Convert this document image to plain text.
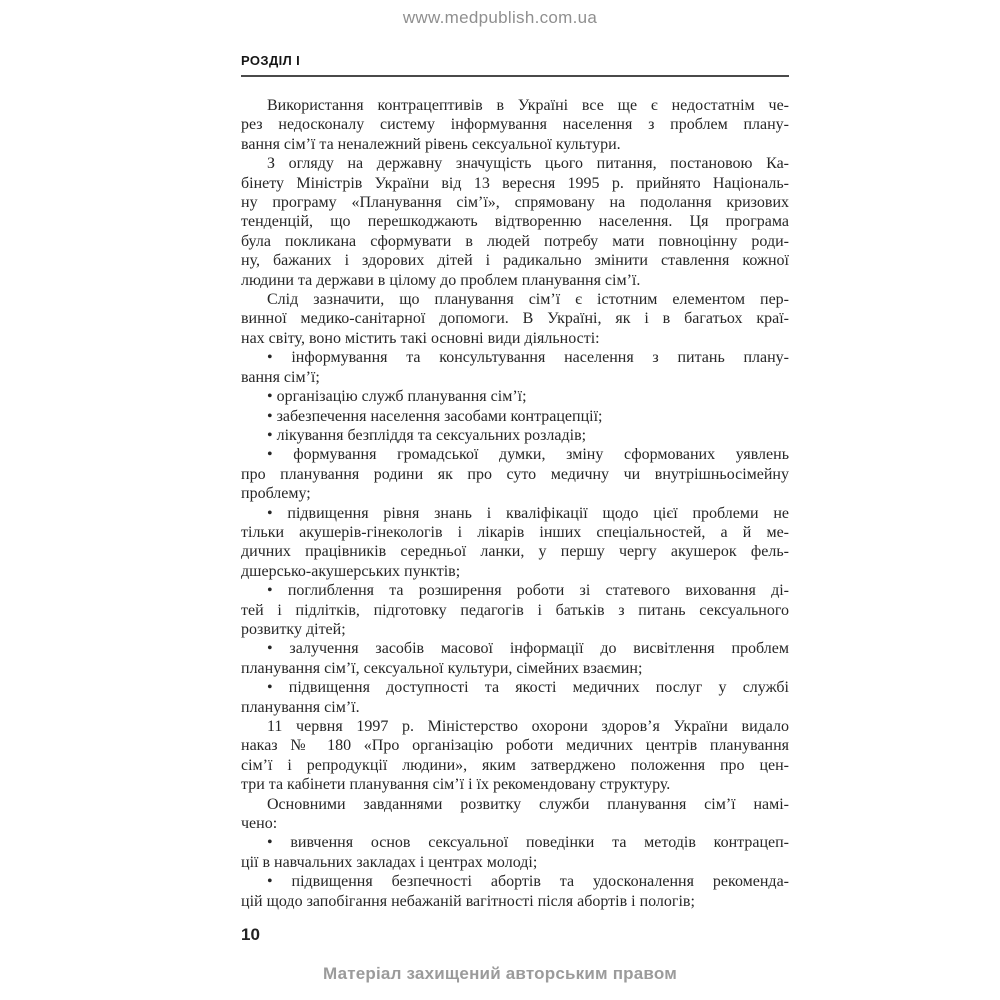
www.medpublish.com.ua
РОЗДІЛ І

Використання контрацептивів в Україні все ще є недостатнім че-
рез недосконалу систему інформування населення з проблем плану-
вання сім’ї та неналежний рівень сексуальної культури.

З огляду на державну значущість цього питання, постановою Ка-
бінету Міністрів України від 13 вересня 1995 р. прийнято Національ-
ну програму «Планування сім’ї», спрямовану на подолання кризових
тенденцій, що перешкоджають відтворенню населення. Ця програма
була покликана сформувати в людей потребу мати повноцінну роди-
ну, бажаних і здорових дітей і радикально змінити ставлення кожної
людини та держави в цілому до проблем планування сім’ї.

Слід зазначити, що планування сім’ї є істотним елементом пер-
винної медико-санітарної допомоги. В Україні, як і в багатьох краї-
нах світу, воно містить такі основні види діяльності:

• інформування та консультування населення з питань плану-
вання сім’ї;

• організацію служб планування сім’ї;

• забезпечення населення засобами контрацепції;

• лікування безпліддя та сексуальних розладів;

• формування громадської думки, зміну сформованих уявлень
про планування родини як про суто медичну чи внутрішньосімейну
проблему;

• підвищення рівня знань і кваліфікації щодо цієї проблеми не
тільки акушерів-гінекологів і лікарів інших спеціальностей, а й ме-
дичних працівників середньої ланки, у першу чергу акушерок фель-
дшерсько-акушерських пунктів;

• поглиблення та розширення роботи зі статевого виховання ді-
тей і підлітків, підготовку педагогів і батьків з питань сексуального
розвитку дітей;

• залучення засобів масової інформації до висвітлення проблем
планування сім’ї, сексуальної культури, сімейних взаємин;

• підвищення доступності та якості медичних послуг у службі
планування сім’ї.

11 червня 1997 р. Міністерство охорони здоров’я України видало
наказ № 180 «Про організацію роботи медичних центрів планування
сім’ї і репродукції людини», яким затверджено положення про цен-
три та кабінети планування сім’ї і їх рекомендовану структуру.

Основними завданнями розвитку служби планування сім’ї намі-
чено:

• вивчення основ сексуальної поведінки та методів контрацеп-
ції в навчальних закладах і центрах молоді;

• підвищення безпечності абортів та удосконалення рекоменда-
цій щодо запобігання небажаній вагітності після абортів і пологів;

10
Матеріал захищений авторським правом
